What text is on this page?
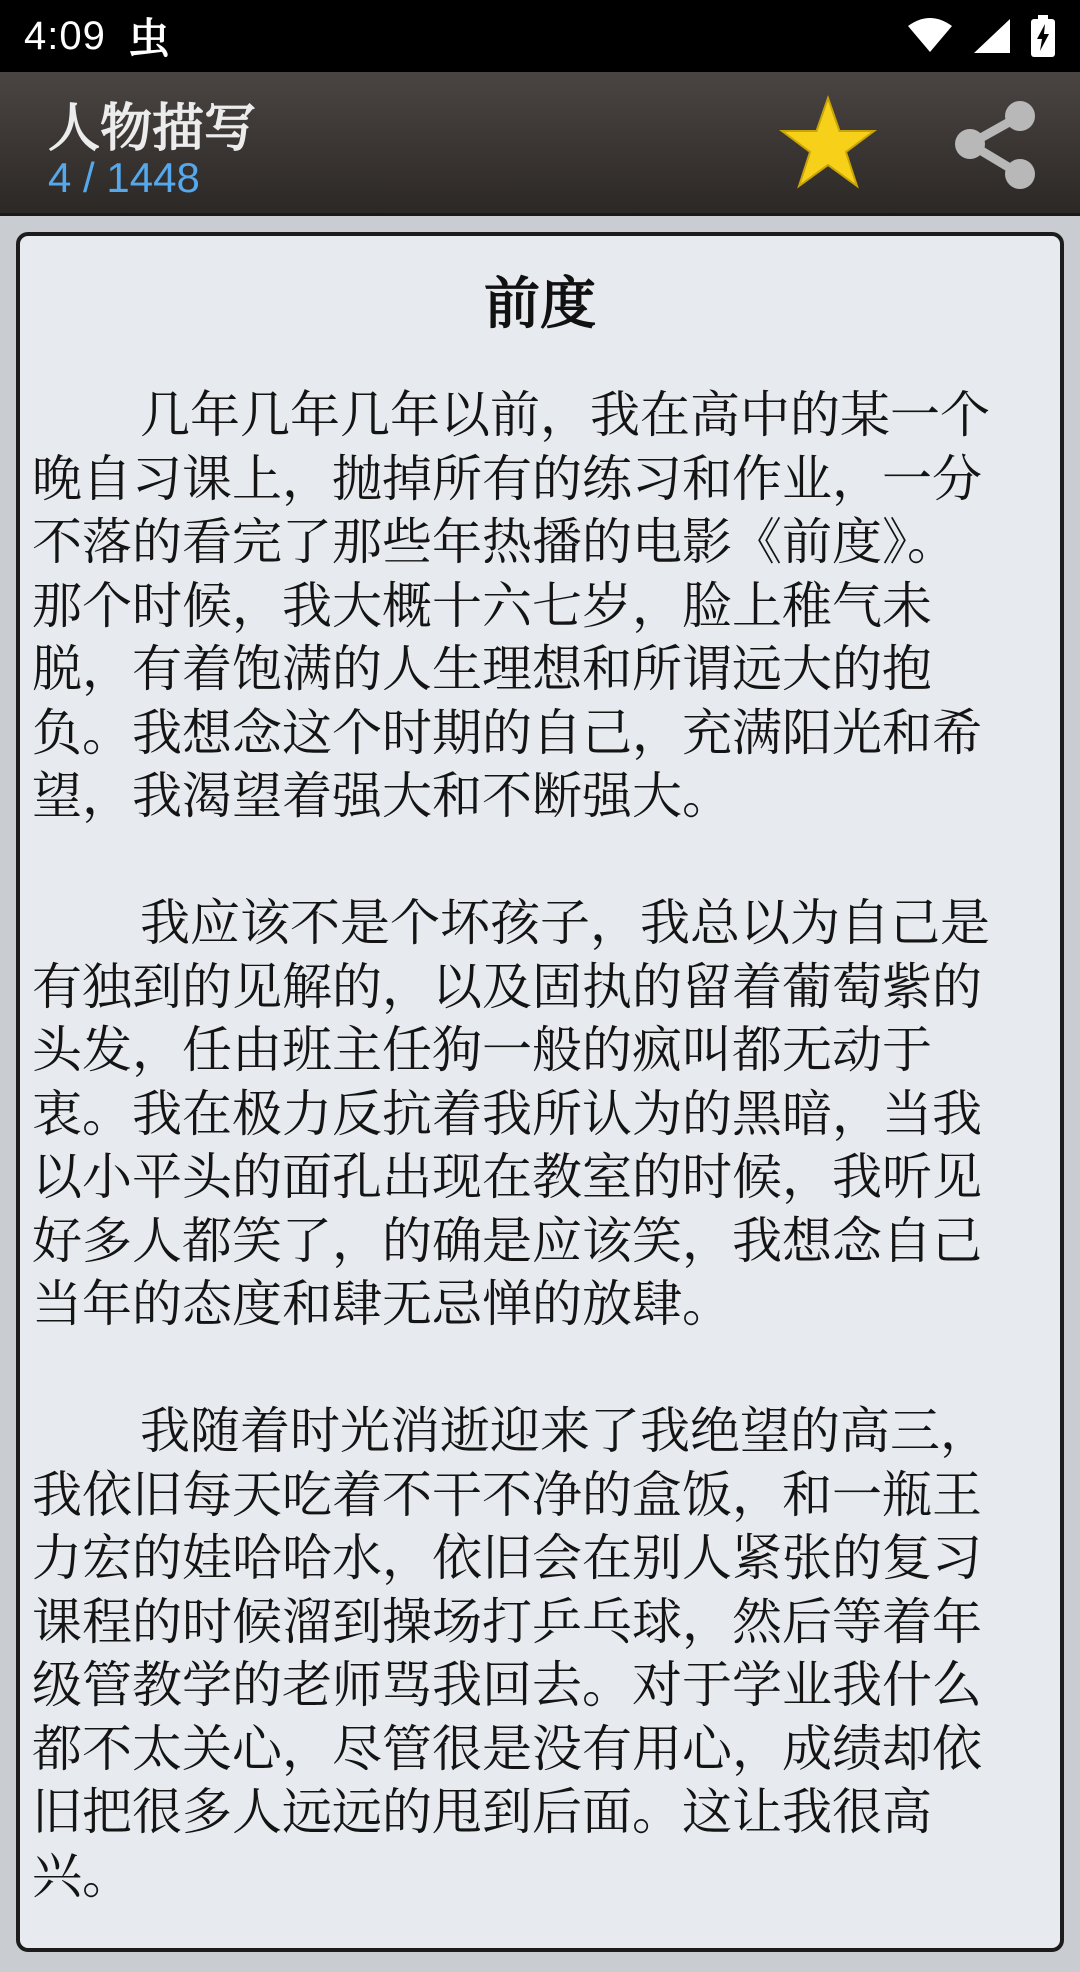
4:09 虫
人物描写
4 / 1448
前度
几年几年几年以前，我在高中的某一个
晚自习课上，抛掉所有的练习和作业，一分
不落的看完了那些年热播的电影《前度》。
那个时候，我大概十六七岁，脸上稚气未
脱，有着饱满的人生理想和所谓远大的抱
负。我想念这个时期的自己，充满阳光和希
望，我渴望着强大和不断强大。
我应该不是个坏孩子，我总以为自己是
有独到的见解的，以及固执的留着葡萄紫的
头发，任由班主任狗一般的疯叫都无动于
衷。我在极力反抗着我所认为的黑暗，当我
以小平头的面孔出现在教室的时候，我听见
好多人都笑了，的确是应该笑，我想念自己
当年的态度和肆无忌惮的放肆。
我随着时光消逝迎来了我绝望的高三，
我依旧每天吃着不干不净的盒饭，和一瓶王
力宏的娃哈哈水，依旧会在别人紧张的复习
课程的时候溜到操场打乒乓球，然后等着年
级管教学的老师骂我回去。对于学业我什么
都不太关心，尽管很是没有用心，成绩却依
旧把很多人远远的甩到后面。这让我很高
兴。
